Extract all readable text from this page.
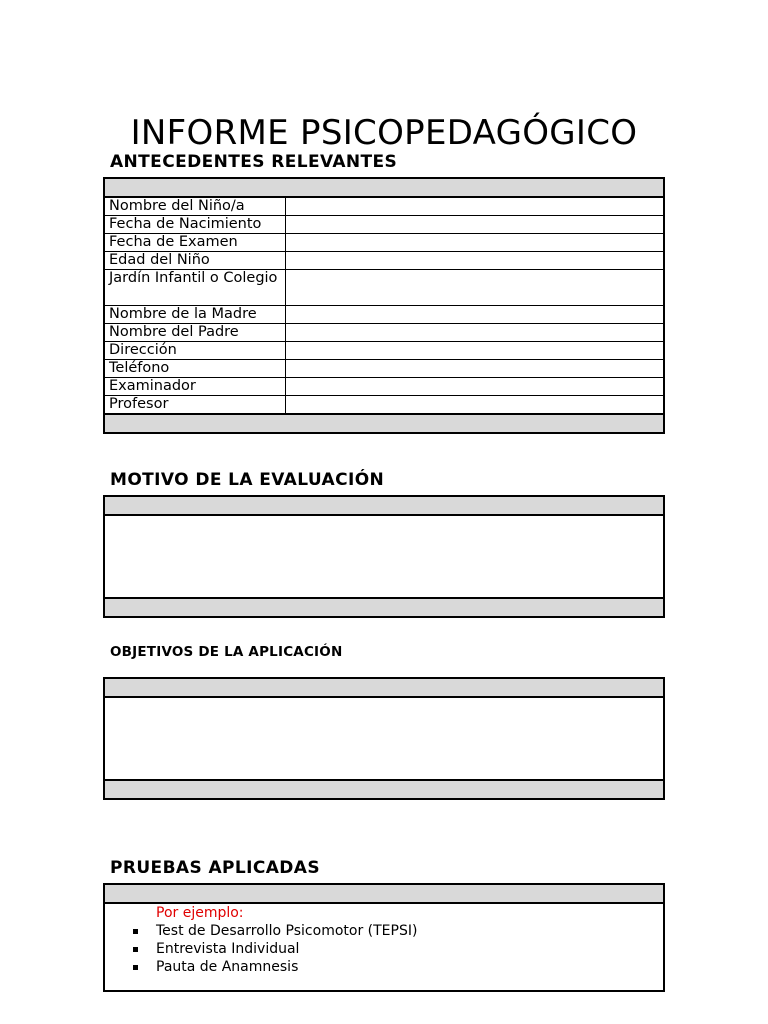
INFORME PSICOPEDAGÓGICO
ANTECEDENTES RELEVANTES
Nombre del Niño/a	
Fecha de Nacimiento	
Fecha de Examen	
Edad del Niño	
Jardín Infantil o Colegio	
Nombre de la Madre	
Nombre del Padre	
Dirección	
Teléfono	
Examinador	
Profesor	
MOTIVO DE LA EVALUACIÓN
OBJETIVOS DE LA APLICACIÓN
PRUEBAS APLICADAS
Por ejemplo:
Test de Desarrollo Psicomotor (TEPSI)
Entrevista Individual
Pauta de Anamnesis
